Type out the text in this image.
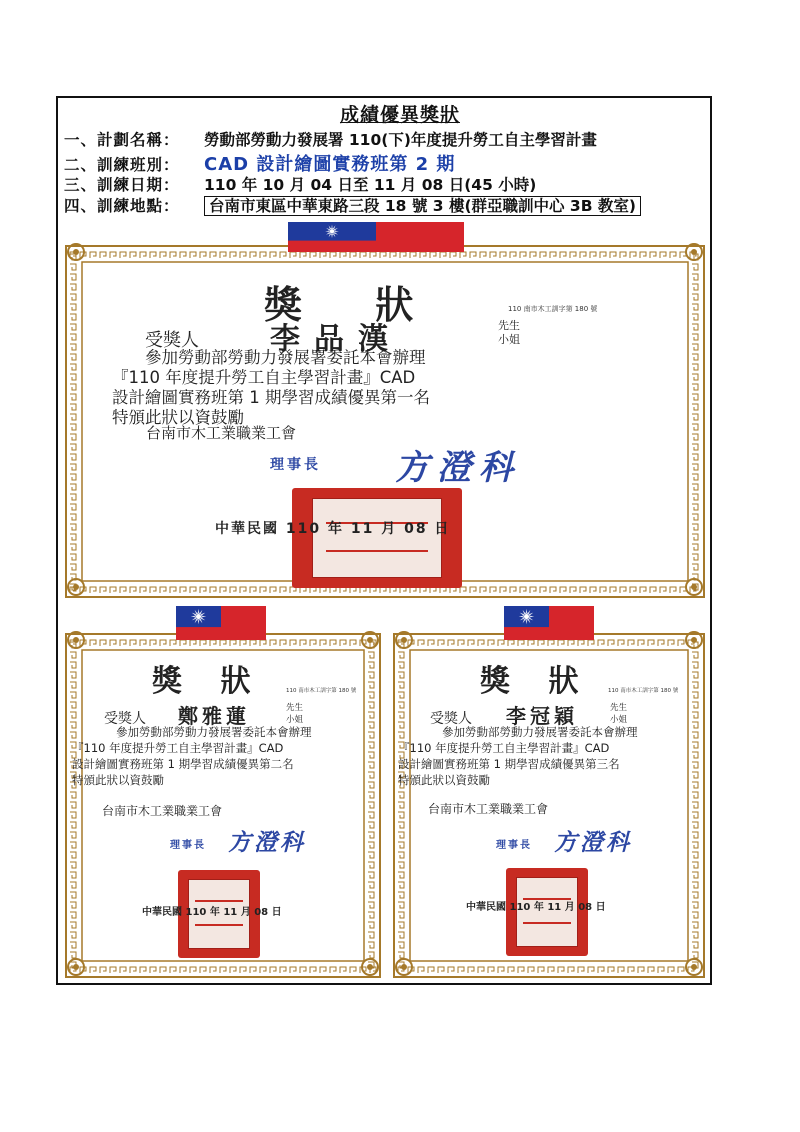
成績優異獎狀
一、計劃名稱： 勞動部勞動力發展署 110(下)年度提升勞工自主學習計畫
二、訓練班別： CAD 設計繪圖實務班第 2 期
三、訓練日期： 110 年 10 月 04 日至 11 月 08 日(45 小時)
四、訓練地點： 台南市東區中華東路三段 18 號 3 樓(群亞職訓中心 3B 教室)
獎 狀	110 南市木工訓字第 180 號
受獎人 李品漢	先生
小姐
參加勞動部勞動力發展署委託本會辦理
『110 年度提升勞工自主學習計畫』CAD
設計繪圖實務班第 1 期學習成績優異第一名
特頒此狀以資鼓勵
台南市木工業職業工會
理事長 方澄科
中華民國 110 年 11 月 08 日
獎 狀	110 南市木工訓字第 180 號
受獎人 鄭雅蓮	先生
小姐
參加勞動部勞動力發展署委託本會辦理
『110 年度提升勞工自主學習計畫』CAD
設計繪圖實務班第 1 期學習成績優異第二名
特頒此狀以資鼓勵
台南市木工業職業工會
理事長 方澄科
中華民國 110 年 11 月 08 日
獎 狀	110 南市木工訓字第 180 號
受獎人 李冠穎	先生
小姐
參加勞動部勞動力發展署委託本會辦理
『110 年度提升勞工自主學習計畫』CAD
設計繪圖實務班第 1 期學習成績優異第三名
特頒此狀以資鼓勵
台南市木工業職業工會
理事長 方澄科
中華民國 110 年 11 月 08 日
